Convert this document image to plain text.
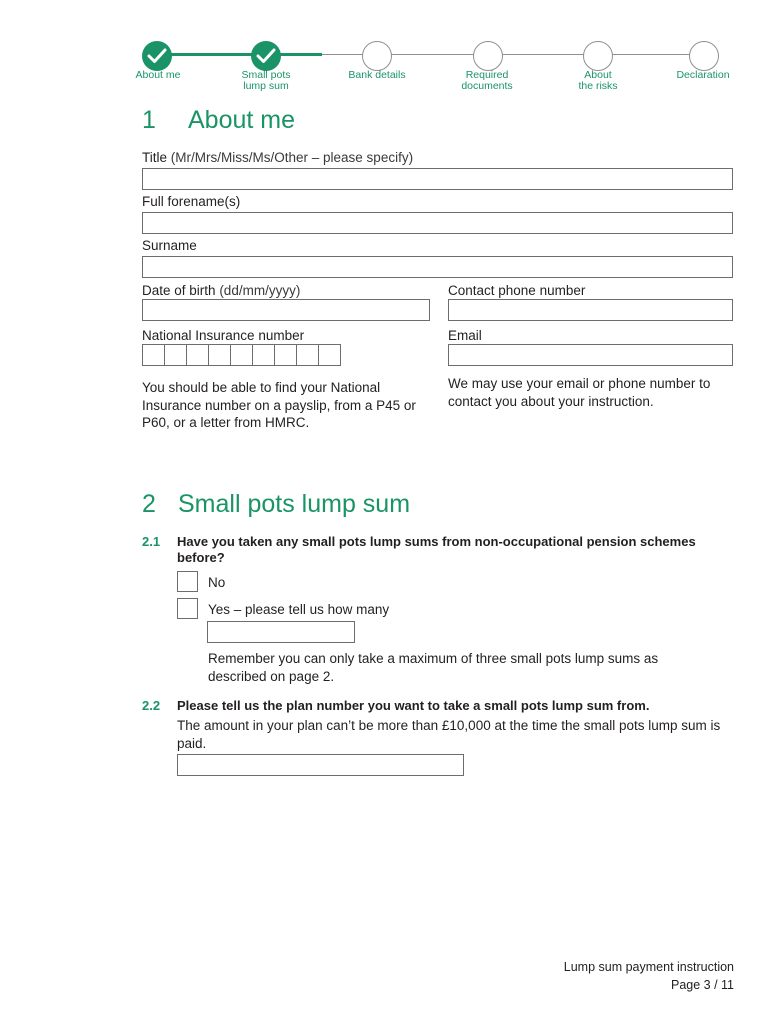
About me	Small pots
lump sum
Bank details	Required
documents
About
the risks
Declaration
1 About me
Title (Mr/Mrs/Miss/Ms/Other – please specify)
Full forename(s)
Surname
Date of birth (dd/mm/yyyy)	Contact phone number
National Insurance number	Email
You should be able to find your National Insurance number on a payslip, from a P45 or P60, or a letter from HMRC.
We may use your email or phone number to contact you about your instruction.
2 Small pots lump sum
2.1 Have you taken any small pots lump sums from non-occupational pension schemes before?
No
Yes – please tell us how many
Remember you can only take a maximum of three small pots lump sums as described on page 2.
2.2 Please tell us the plan number you want to take a small pots lump sum from.
The amount in your plan can’t be more than £10,000 at the time the small pots lump sum is paid.
Lump sum payment instruction
Page 3 / 11
